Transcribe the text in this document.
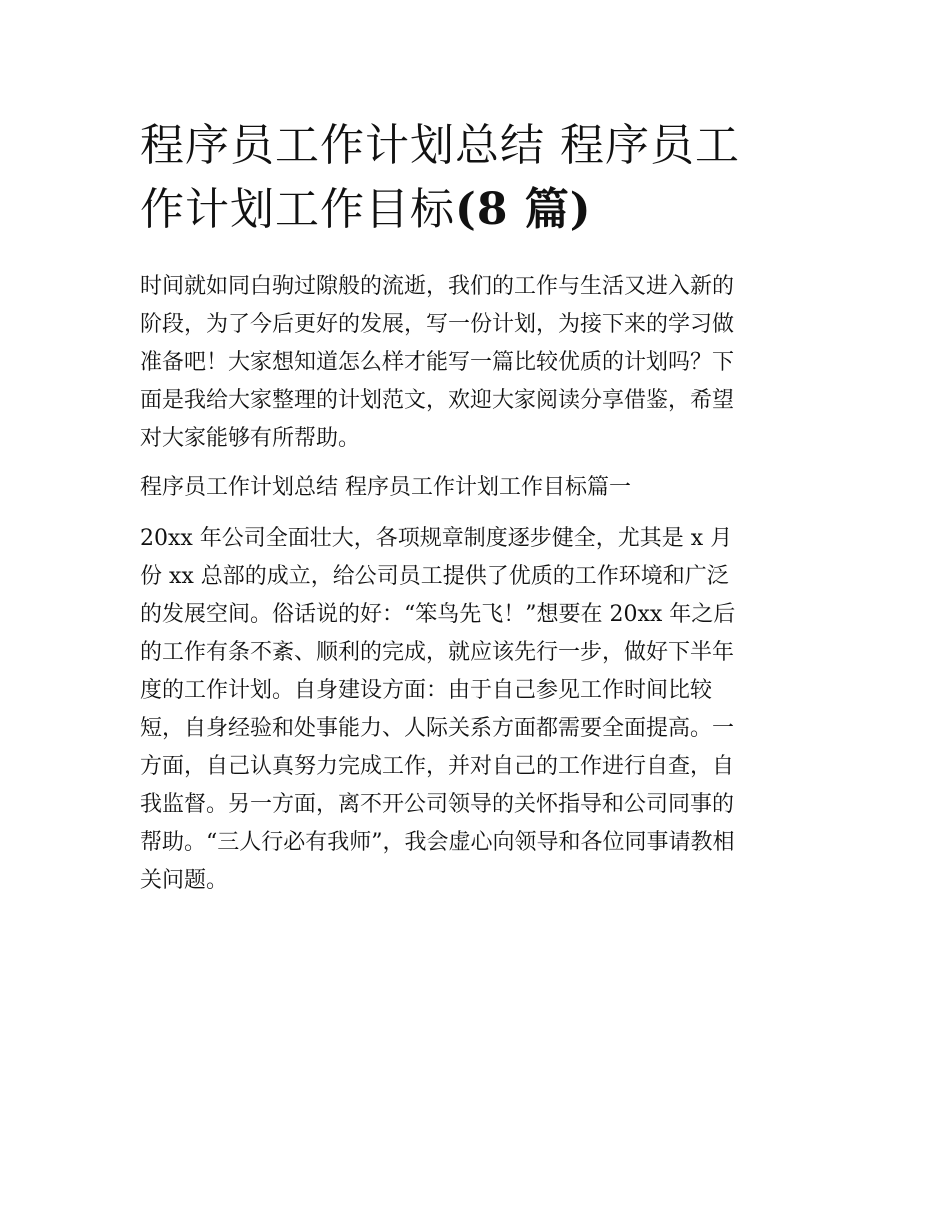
程序员工作计划总结 程序员工
作计划工作目标(8 篇)
时间就如同白驹过隙般的流逝，我们的工作与生活又进入新的
阶段，为了今后更好的发展，写一份计划，为接下来的学习做
准备吧！大家想知道怎么样才能写一篇比较优质的计划吗？下
面是我给大家整理的计划范文，欢迎大家阅读分享借鉴，希望
对大家能够有所帮助。
程序员工作计划总结 程序员工作计划工作目标篇一
20xx 年公司全面壮大，各项规章制度逐步健全，尤其是 x 月
份 xx 总部的成立，给公司员工提供了优质的工作环境和广泛
的发展空间。俗话说的好：“笨鸟先飞！”想要在 20xx 年之后
的工作有条不紊、顺利的完成，就应该先行一步，做好下半年
度的工作计划。自身建设方面：由于自己参见工作时间比较
短，自身经验和处事能力、人际关系方面都需要全面提高。一
方面，自己认真努力完成工作，并对自己的工作进行自查，自
我监督。另一方面，离不开公司领导的关怀指导和公司同事的
帮助。“三人行必有我师”，我会虚心向领导和各位同事请教相
关问题。
